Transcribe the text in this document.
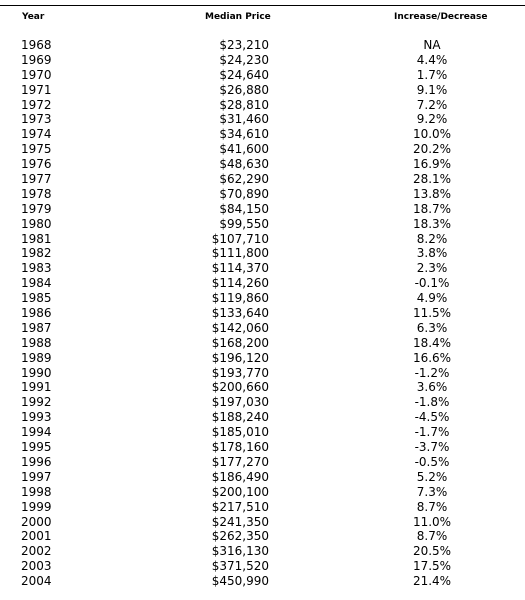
Year	Median Price	Increase/Decrease
1968	$23,210	NA
1969	$24,230	4.4%
1970	$24,640	1.7%
1971	$26,880	9.1%
1972	$28,810	7.2%
1973	$31,460	9.2%
1974	$34,610	10.0%
1975	$41,600	20.2%
1976	$48,630	16.9%
1977	$62,290	28.1%
1978	$70,890	13.8%
1979	$84,150	18.7%
1980	$99,550	18.3%
1981	$107,710	8.2%
1982	$111,800	3.8%
1983	$114,370	2.3%
1984	$114,260	-0.1%
1985	$119,860	4.9%
1986	$133,640	11.5%
1987	$142,060	6.3%
1988	$168,200	18.4%
1989	$196,120	16.6%
1990	$193,770	-1.2%
1991	$200,660	3.6%
1992	$197,030	-1.8%
1993	$188,240	-4.5%
1994	$185,010	-1.7%
1995	$178,160	-3.7%
1996	$177,270	-0.5%
1997	$186,490	5.2%
1998	$200,100	7.3%
1999	$217,510	8.7%
2000	$241,350	11.0%
2001	$262,350	8.7%
2002	$316,130	20.5%
2003	$371,520	17.5%
2004	$450,990	21.4%
